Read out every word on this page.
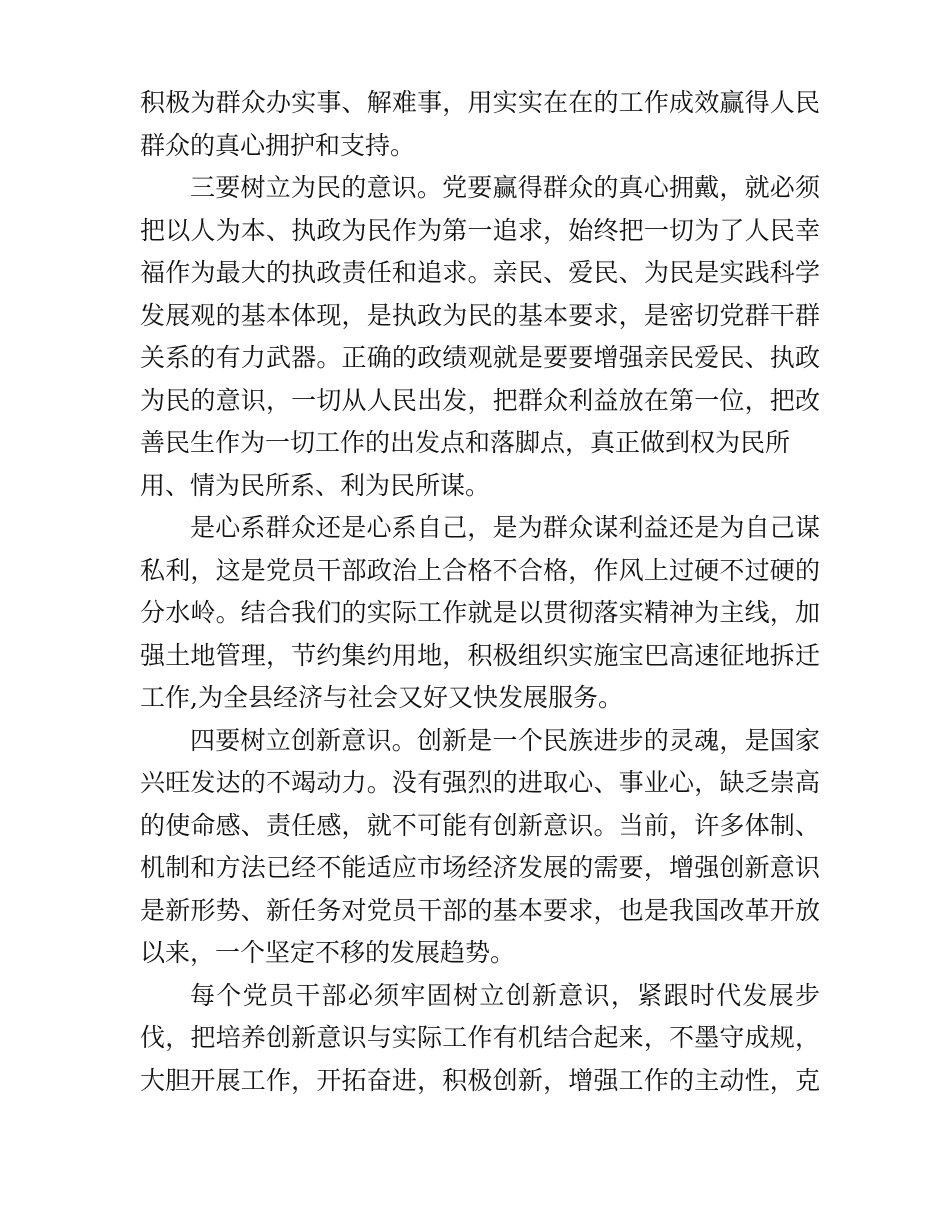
积极为群众办实事、解难事，用实实在在的工作成效赢得人民
群众的真心拥护和支持。
三要树立为民的意识。党要赢得群众的真心拥戴，就必须
把以人为本、执政为民作为第一追求，始终把一切为了人民幸
福作为最大的执政责任和追求。亲民、爱民、为民是实践科学
发展观的基本体现，是执政为民的基本要求，是密切党群干群
关系的有力武器。正确的政绩观就是要要增强亲民爱民、执政
为民的意识，一切从人民出发，把群众利益放在第一位，把改
善民生作为一切工作的出发点和落脚点，真正做到权为民所
用、情为民所系、利为民所谋。
是心系群众还是心系自己，是为群众谋利益还是为自己谋
私利，这是党员干部政治上合格不合格，作风上过硬不过硬的
分水岭。结合我们的实际工作就是以贯彻落实精神为主线，加
强土地管理，节约集约用地，积极组织实施宝巴高速征地拆迁
工作,为全县经济与社会又好又快发展服务。
四要树立创新意识。创新是一个民族进步的灵魂，是国家
兴旺发达的不竭动力。没有强烈的进取心、事业心，缺乏崇高
的使命感、责任感，就不可能有创新意识。当前，许多体制、
机制和方法已经不能适应市场经济发展的需要，增强创新意识
是新形势、新任务对党员干部的基本要求，也是我国改革开放
以来，一个坚定不移的发展趋势。
每个党员干部必须牢固树立创新意识，紧跟时代发展步
伐，把培养创新意识与实际工作有机结合起来，不墨守成规，
大胆开展工作，开拓奋进，积极创新，增强工作的主动性，克
